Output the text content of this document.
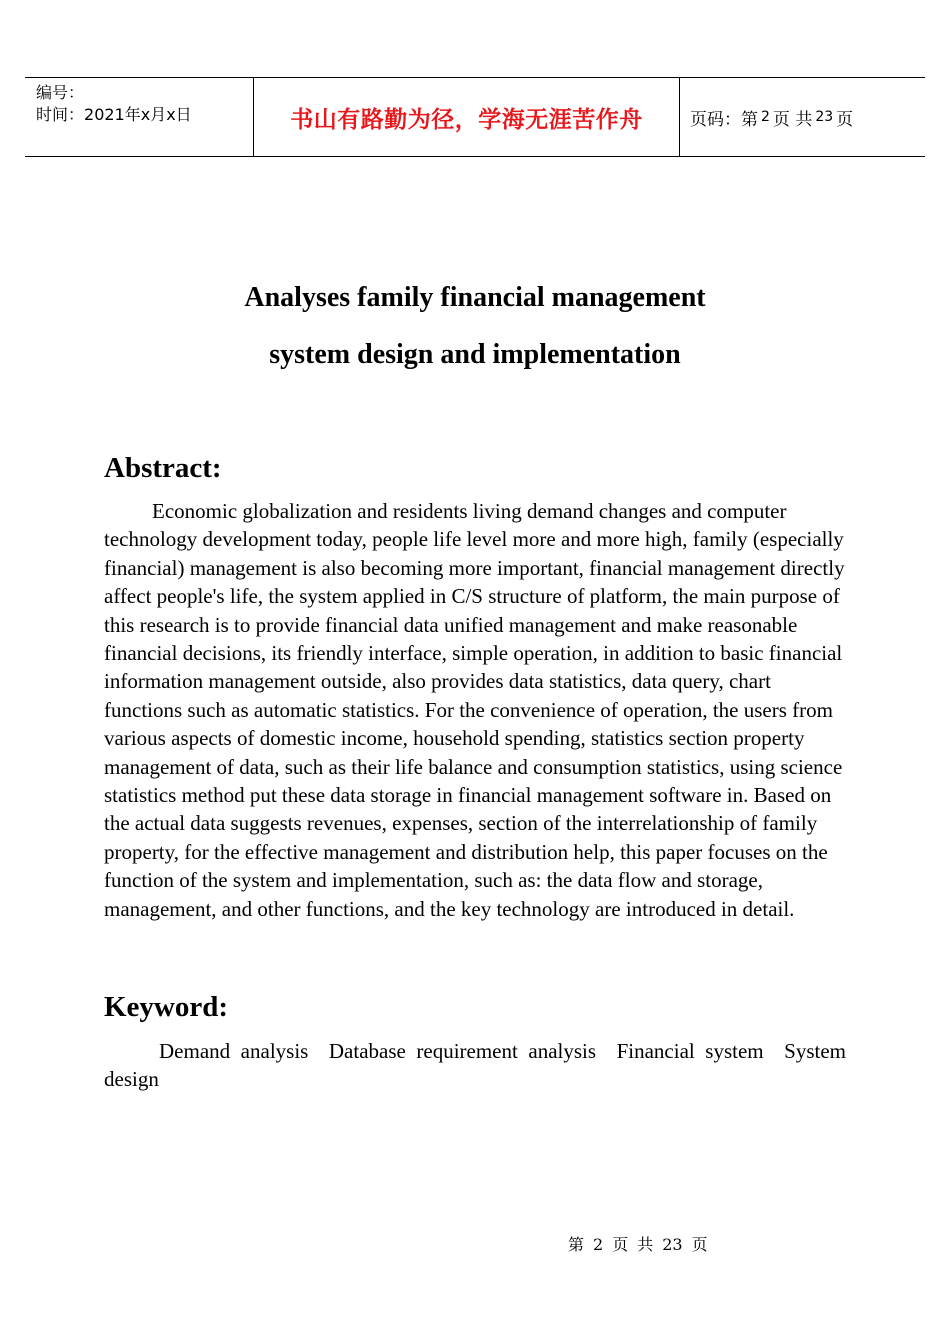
编号：
时间：2021年x月x日	书山有路勤为径，学海无涯苦作舟	页码：第 2 页 共 23 页
Analyses family financial management
system design and implementation
Abstract:

Economic globalization and residents living demand changes and computer technology development today, people life level more and more high, family (especially financial) management is also becoming more important, financial management directly affect people's life, the system applied in C/S structure of platform, the main purpose of this research is to provide financial data unified management and make reasonable financial decisions, its friendly interface, simple operation, in addition to basic financial information management outside, also provides data statistics, data query, chart functions such as automatic statistics. For the convenience of operation, the users from various aspects of domestic income, household spending, statistics section property management of data, such as their life balance and consumption statistics, using science statistics method put these data storage in financial management software in. Based on the actual data suggests revenues, expenses, section of the interrelationship of family property, for the effective management and distribution help, this paper focuses on the function of the system and implementation, such as: the data flow and storage, management, and other functions, and the key technology are introduced in detail.

Keyword:

Demand analysis Database requirement analysis Financial system System design

第 2 页 共 23 页
